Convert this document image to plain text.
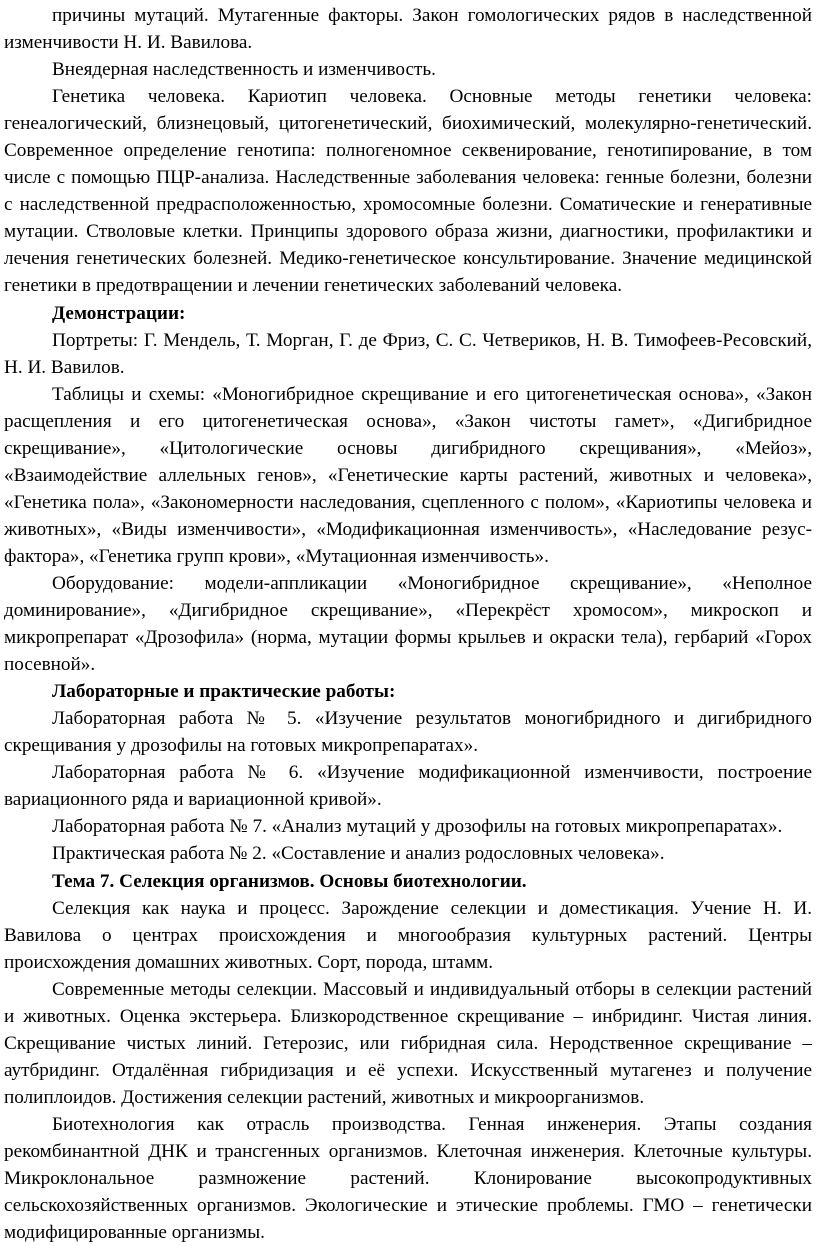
причины мутаций. Мутагенные факторы. Закон гомологических рядов в наследственной изменчивости Н. И. Вавилова.

Внеядерная наследственность и изменчивость.

Генетика человека. Кариотип человека. Основные методы генетики человека: генеалогический, близнецовый, цитогенетический, биохимический, молекулярно-генетический. Современное определение генотипа: полногеномное секвенирование, генотипирование, в том числе с помощью ПЦР-анализа. Наследственные заболевания человека: генные болезни, болезни с наследственной предрасположенностью, хромосомные болезни. Соматические и генеративные мутации. Стволовые клетки. Принципы здорового образа жизни, диагностики, профилактики и лечения генетических болезней. Медико-генетическое консультирование. Значение медицинской генетики в предотвращении и лечении генетических заболеваний человека.

Демонстрации:

Портреты: Г. Мендель, Т. Морган, Г. де Фриз, С. С. Четвериков, Н. В. Тимофеев-Ресовский, Н. И. Вавилов.

Таблицы и схемы: «Моногибридное скрещивание и его цитогенетическая основа», «Закон расщепления и его цитогенетическая основа», «Закон чистоты гамет», «Дигибридное скрещивание», «Цитологические основы дигибридного скрещивания», «Мейоз», «Взаимодействие аллельных генов», «Генетические карты растений, животных и человека», «Генетика пола», «Закономерности наследования, сцепленного с полом», «Кариотипы человека и животных», «Виды изменчивости», «Модификационная изменчивость», «Наследование резус-фактора», «Генетика групп крови», «Мутационная изменчивость».

Оборудование: модели-аппликации «Моногибридное скрещивание», «Неполное доминирование», «Дигибридное скрещивание», «Перекрёст хромосом», микроскоп и микропрепарат «Дрозофила» (норма, мутации формы крыльев и окраски тела), гербарий «Горох посевной».

Лабораторные и практические работы:

Лабораторная работа № 5. «Изучение результатов моногибридного и дигибридного скрещивания у дрозофилы на готовых микропрепаратах».

Лабораторная работа № 6. «Изучение модификационной изменчивости, построение вариационного ряда и вариационной кривой».

Лабораторная работа № 7. «Анализ мутаций у дрозофилы на готовых микропрепаратах».

Практическая работа № 2. «Составление и анализ родословных человека».

Тема 7. Селекция организмов. Основы биотехнологии.

Селекция как наука и процесс. Зарождение селекции и доместикация. Учение Н. И. Вавилова о центрах происхождения и многообразия культурных растений. Центры происхождения домашних животных. Сорт, порода, штамм.

Современные методы селекции. Массовый и индивидуальный отборы в селекции растений и животных. Оценка экстерьера. Близкородственное скрещивание – инбридинг. Чистая линия. Скрещивание чистых линий. Гетерозис, или гибридная сила. Неродственное скрещивание – аутбридинг. Отдалённая гибридизация и её успехи. Искусственный мутагенез и получение полиплоидов. Достижения селекции растений, животных и микроорганизмов.

Биотехнология как отрасль производства. Генная инженерия. Этапы создания рекомбинантной ДНК и трансгенных организмов. Клеточная инженерия. Клеточные культуры. Микроклональное размножение растений. Клонирование высокопродуктивных сельскохозяйственных организмов. Экологические и этические проблемы. ГМО – генетически модифицированные организмы.
